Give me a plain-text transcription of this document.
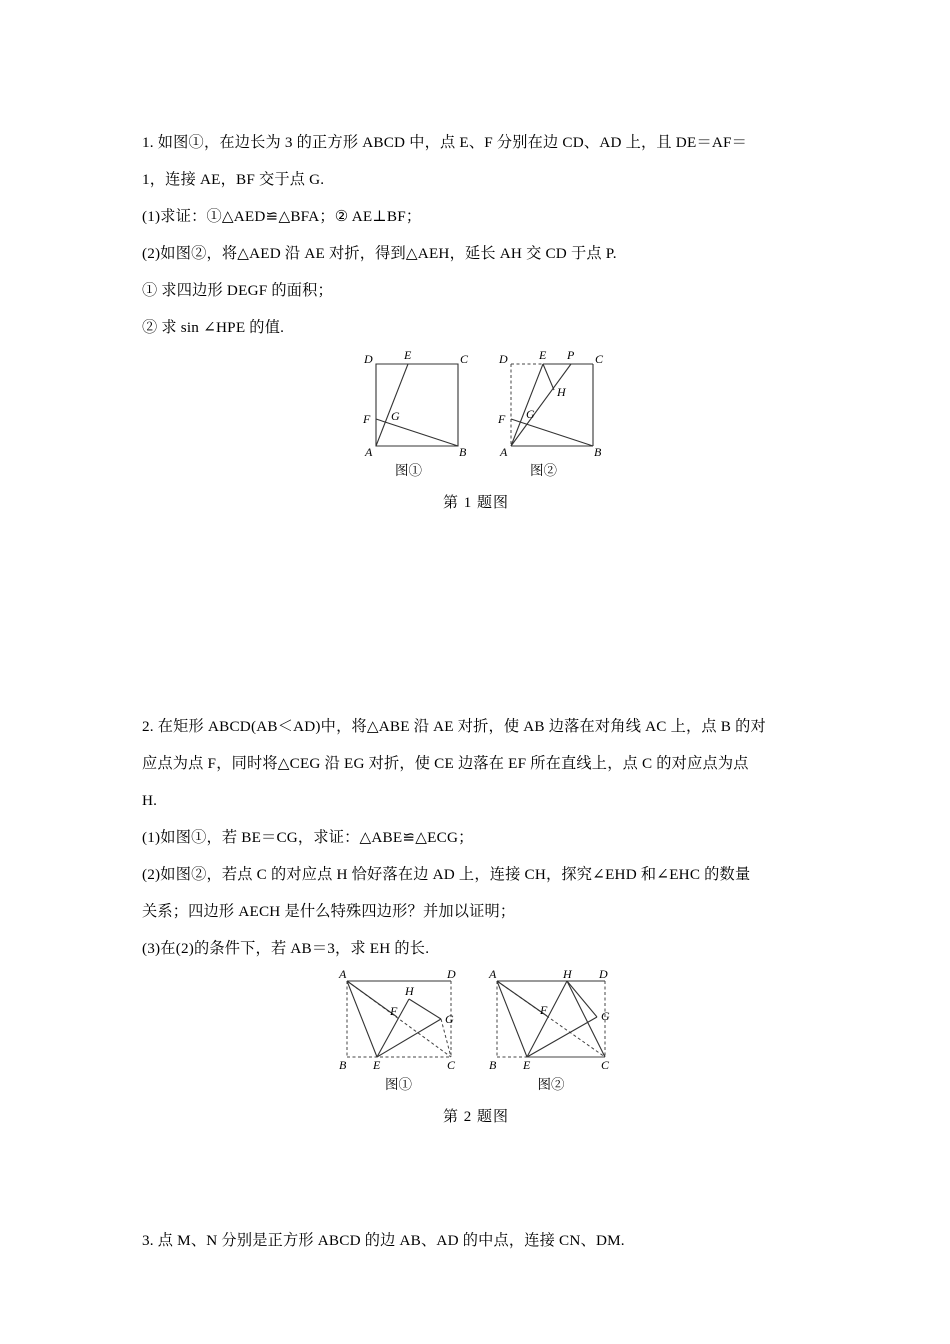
1. 如图①，在边长为 3 的正方形 ABCD 中，点 E、F 分别在边 CD、AD 上，且 DE＝AF＝
1，连接 AE，BF 交于点 G.
(1)求证：①△AED≌△BFA；② AE⊥BF；
(2)如图②，将△AED 沿 AE 对折，得到△AEH，延长 AH 交 CD 于点 P.
① 求四边形 DEGF 的面积；
② 求 sin ∠HPE 的值.
D	E	C
F G
A	B
图①
D	E P C
H
F G
A	B
图②
第 1 题图
2. 在矩形 ABCD(AB＜AD)中，将△ABE 沿 AE 对折，使 AB 边落在对角线 AC 上，点 B 的对
应点为点 F，同时将△CEG 沿 EG 对折，使 CE 边落在 EF 所在直线上，点 C 的对应点为点
H.
(1)如图①，若 BE＝CG，求证：△ABE≌△ECG；
(2)如图②，若点 C 的对应点 H 恰好落在边 AD 上，连接 CH，探究∠EHD 和∠EHC 的数量
关系；四边形 AECH 是什么特殊四边形？并加以证明；
(3)在(2)的条件下，若 AB＝3，求 EH 的长.
A	D
H
F
G
B E	C
图①
A	H D
F	G
B E	C
图②
第 2 题图
3. 点 M、N 分别是正方形 ABCD 的边 AB、AD 的中点，连接 CN、DM.
